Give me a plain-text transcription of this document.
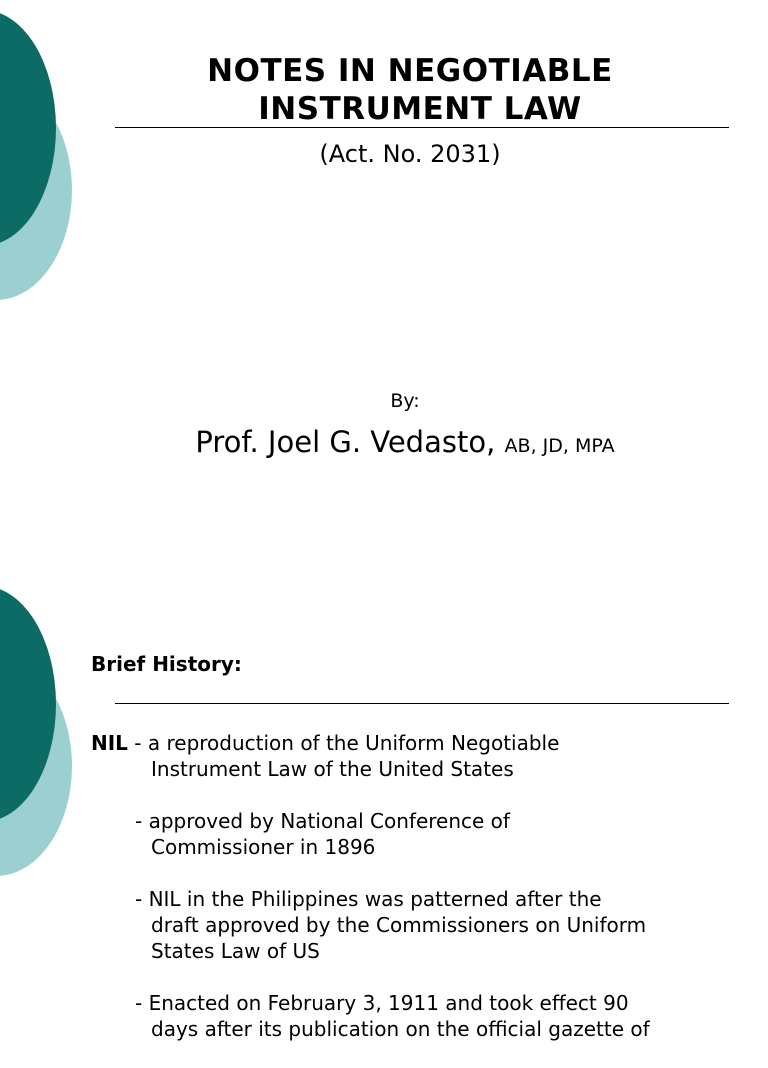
NOTES IN NEGOTIABLE
INSTRUMENT LAW
(Act. No. 2031)
By:
Prof. Joel G. Vedasto, AB, JD, MPA
Brief History:

NIL - a reproduction of the Uniform Negotiable
Instrument Law of the United States

- approved by National Conference of
Commissioner in 1896

- NIL in the Philippines was patterned after the
draft approved by the Commissioners on Uniform
States Law of US

- Enacted on February 3, 1911 and took effect 90
days after its publication on the official gazette of
